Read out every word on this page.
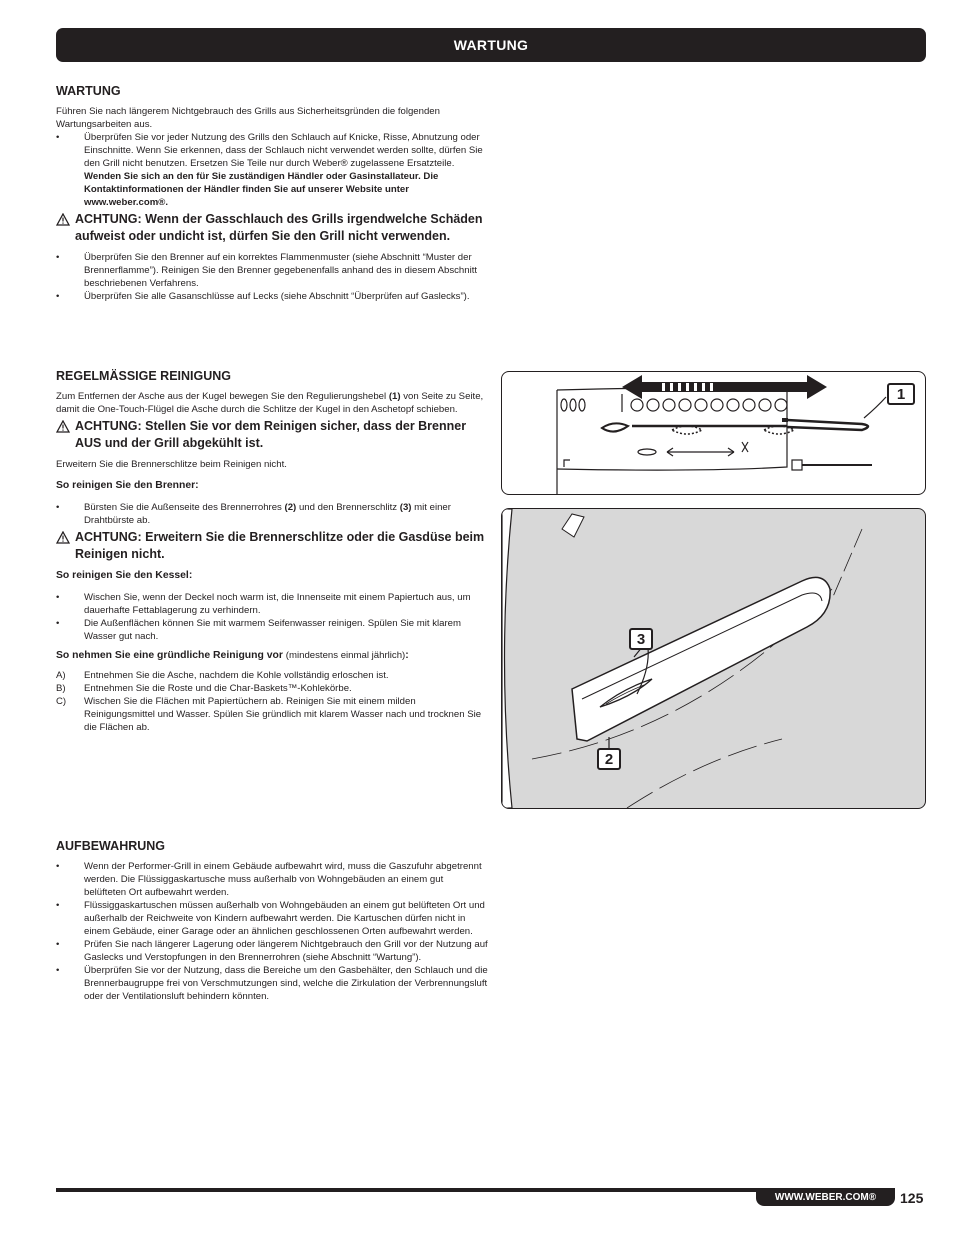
WARTUNG
WARTUNG

Führen Sie nach längerem Nichtgebrauch des Grills aus Sicherheitsgründen die folgenden Wartungsarbeiten aus.

•	Überprüfen Sie vor jeder Nutzung des Grills den Schlauch auf Knicke, Risse, Abnutzung oder Einschnitte. Wenn Sie erkennen, dass der Schlauch nicht verwendet werden sollte, dürfen Sie den Grill nicht benutzen. Ersetzen Sie Teile nur durch Weber® zugelassene Ersatzteile. Wenden Sie sich an den für Sie zuständigen Händler oder Gasinstallateur. Die Kontaktinformationen der Händler finden Sie auf unserer Website unter www.weber.com®.
ACHTUNG: Wenn der Gasschlauch des Grills irgendwelche Schäden aufweist oder undicht ist, dürfen Sie den Grill nicht verwenden.
•	Überprüfen Sie den Brenner auf ein korrektes Flammenmuster (siehe Abschnitt “Muster der Brennerflamme”). Reinigen Sie den Brenner gegebenenfalls anhand des in diesem Abschnitt beschriebenen Verfahrens.
•	Überprüfen Sie alle Gasanschlüsse auf Lecks (siehe Abschnitt “Überprüfen auf Gaslecks”).
REGELMÄSSIGE REINIGUNG

Zum Entfernen der Asche aus der Kugel bewegen Sie den Regulierungshebel (1) von Seite zu Seite, damit die One-Touch-Flügel die Asche durch die Schlitze der Kugel in den Aschetopf schieben.

ACHTUNG: Stellen Sie vor dem Reinigen sicher, dass der Brenner AUS und der Grill abgekühlt ist.

Erweitern Sie die Brennerschlitze beim Reinigen nicht.

So reinigen Sie den Brenner:
•	Bürsten Sie die Außenseite des Brennerrohres (2) und den Brennerschlitz (3) mit einer Drahtbürste ab.
ACHTUNG: Erweitern Sie die Brennerschlitze oder die Gasdüse beim Reinigen nicht.
So reinigen Sie den Kessel:
•	Wischen Sie, wenn der Deckel noch warm ist, die Innenseite mit einem Papiertuch aus, um dauerhafte Fettablagerung zu verhindern.
•	Die Außenflächen können Sie mit warmem Seifenwasser reinigen. Spülen Sie mit klarem Wasser gut nach.
So nehmen Sie eine gründliche Reinigung vor (mindestens einmal jährlich):
A) Entnehmen Sie die Asche, nachdem die Kohle vollständig erloschen ist.
B) Entnehmen Sie die Roste und die Char-Baskets™-Kohlekörbe.
C) Wischen Sie die Flächen mit Papiertüchern ab. Reinigen Sie mit einem milden Reinigungsmittel und Wasser. Spülen Sie gründlich mit klarem Wasser nach und trocknen Sie die Flächen ab.
AUFBEWAHRUNG
•	Wenn der Performer-Grill in einem Gebäude aufbewahrt wird, muss die Gaszufuhr abgetrennt werden. Die Flüssiggaskartusche muss außerhalb von Wohngebäuden an einem gut belüfteten Ort aufbewahrt werden.
•	Flüssiggaskartuschen müssen außerhalb von Wohngebäuden an einem gut belüfteten Ort und außerhalb der Reichweite von Kindern aufbewahrt werden. Die Kartuschen dürfen nicht in einem Gebäude, einer Garage oder an ähnlichen geschlossenen Orten aufbewahrt werden.
•	Prüfen Sie nach längerer Lagerung oder längerem Nichtgebrauch den Grill vor der Nutzung auf Gaslecks und Verstopfungen in den Brennerrohren (siehe Abschnitt “Wartung”).
•	Überprüfen Sie vor der Nutzung, dass die Bereiche um den Gasbehälter, den Schlauch und die Brennerbaugruppe frei von Verschmutzungen sind, welche die Zirkulation der Verbrennungsluft oder der Ventilationsluft behindern könnten.
1
3
2
WWW.WEBER.COM® 125
